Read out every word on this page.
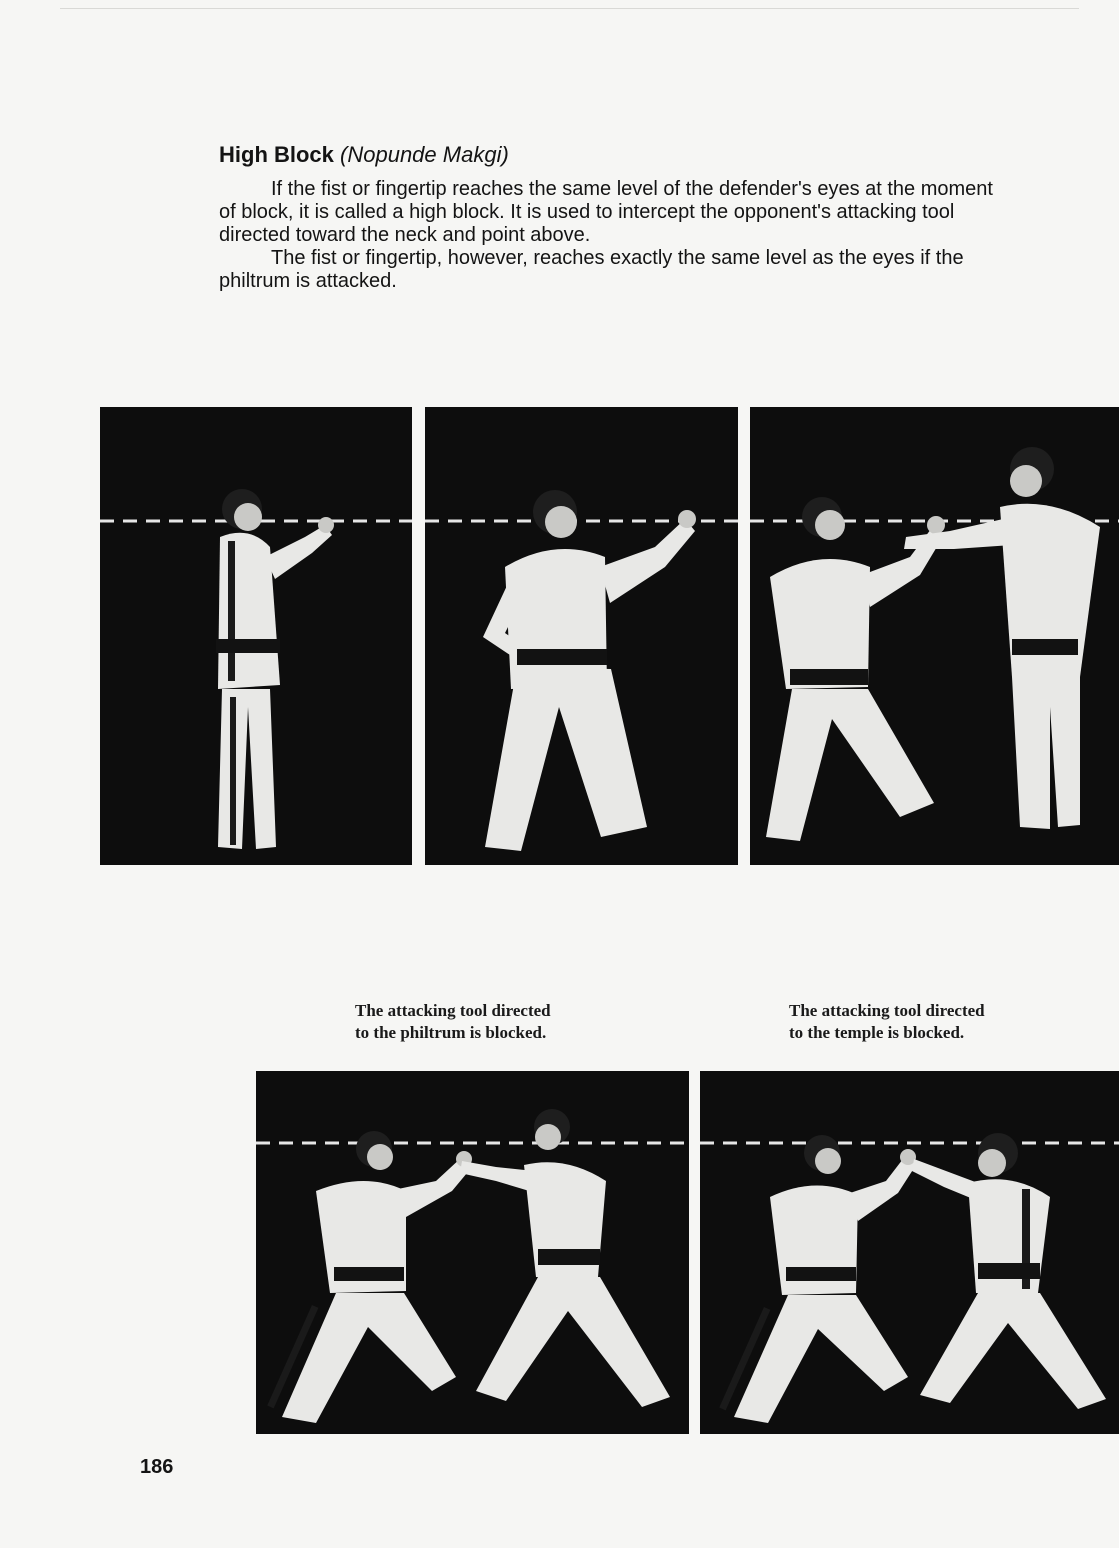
High Block (Nopunde Makgi)

If the fist or fingertip reaches the same level of the defender's eyes at the moment of block, it is called a high block. It is used to intercept the opponent's attacking tool directed toward the neck and point above.

The fist or fingertip, however, reaches exactly the same level as the eyes if the philtrum is attacked.

The attacking tool directed
to the philtrum is blocked.
The attacking tool directed
to the temple is blocked.
186
